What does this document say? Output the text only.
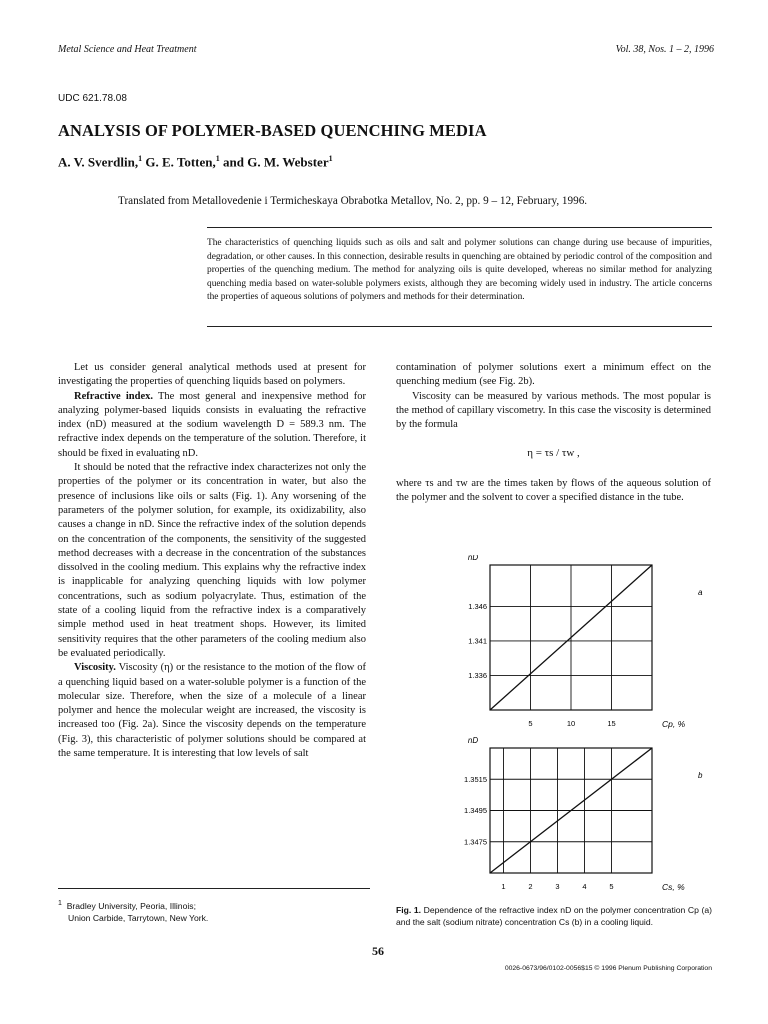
Metal Science and Heat Treatment	Vol. 38, Nos. 1 – 2, 1996
UDC 621.78.08
ANALYSIS OF POLYMER-BASED QUENCHING MEDIA
A. V. Sverdlin,$^1$ G. E. Totten,$^1$ and G. M. Webster$^1$
Translated from Metallovedenie i Termicheskaya Obrabotka Metallov, No. 2, pp. 9 – 12, February, 1996.
The characteristics of quenching liquids such as oils and salt and polymer solutions can change during use because of impurities, degradation, or other causes. In this connection, desirable results in quenching are obtained by periodic control of the composition and properties of the quenching medium. The method for analyzing oils is quite developed, whereas no similar method for analyzing quenching media based on water-soluble polymers exists, although they are becoming widely used in industry. The article concerns the properties of aqueous solutions of polymers and methods for their determination.

Let us consider general analytical methods used at present for investigating the properties of quenching liquids based on polymers.

Refractive index. The most general and inexpensive method for analyzing polymer-based liquids consists in evaluating the refractive index (nD) measured at the sodium wavelength D = 589.3 nm. The refractive index depends on the temperature of the solution. Therefore, it should be fixed in evaluating nD.

It should be noted that the refractive index characterizes not only the properties of the polymer or its concentration in water, but also the presence of inclusions like oils or salts (Fig. 1). Any worsening of the parameters of the polymer solution, for example, its oxidizability, also causes a change in nD. Since the refractive index of the solution depends on the concentration of the components, the sensitivity of the suggested method decreases with a decrease in the concentration of the substances dissolved in the cooling medium. This explains why the refractive index is inapplicable for analyzing quenching liquids with low polymer concentrations, such as sodium polyacrylate. Thus, estimation of the state of a cooling liquid from the refractive index is a comparatively simple method used in heat treatment shops. However, its limited sensitivity requires that the other parameters of the cooling medium also be evaluated periodically.

Viscosity. Viscosity (η) or the resistance to the motion of the flow of a quenching liquid based on a water-soluble polymer is a function of the molecular size. Therefore, when the size of a molecule of a linear polymer and hence the molecular weight are increased, the viscosity is increased too (Fig. 2a). Since the viscosity depends on the temperature (Fig. 3), this characteristic of polymer solutions should be compared at the same temperature. It is interesting that low levels of salt

contamination of polymer solutions exert a minimum effect on the quenching medium (see Fig. 2b).

Viscosity can be measured by various methods. The most popular is the method of capillary viscometry. In this case the viscosity is determined by the formula

η = τs / τw ,

where τs and τw are the times taken by flows of the aqueous solution of the polymer and the solvent to cover a specified distance in the tube.

5	10	15
1.336
1.341
1.346
nD
Cp, %
a
1	2	3	4	5
1.3475
1.3495
1.3515
nD
Cs, %
b
$^1$ Bradley University, Peoria, Illinois;
Union Carbide, Tarrytown, New York.
Fig. 1. Dependence of the refractive index nD on the polymer concentration Cp (a) and the salt (sodium nitrate) concentration Cs (b) in a cooling liquid.
56
0026-0673/96/0102-0056$15 © 1996 Plenum Publishing Corporation
